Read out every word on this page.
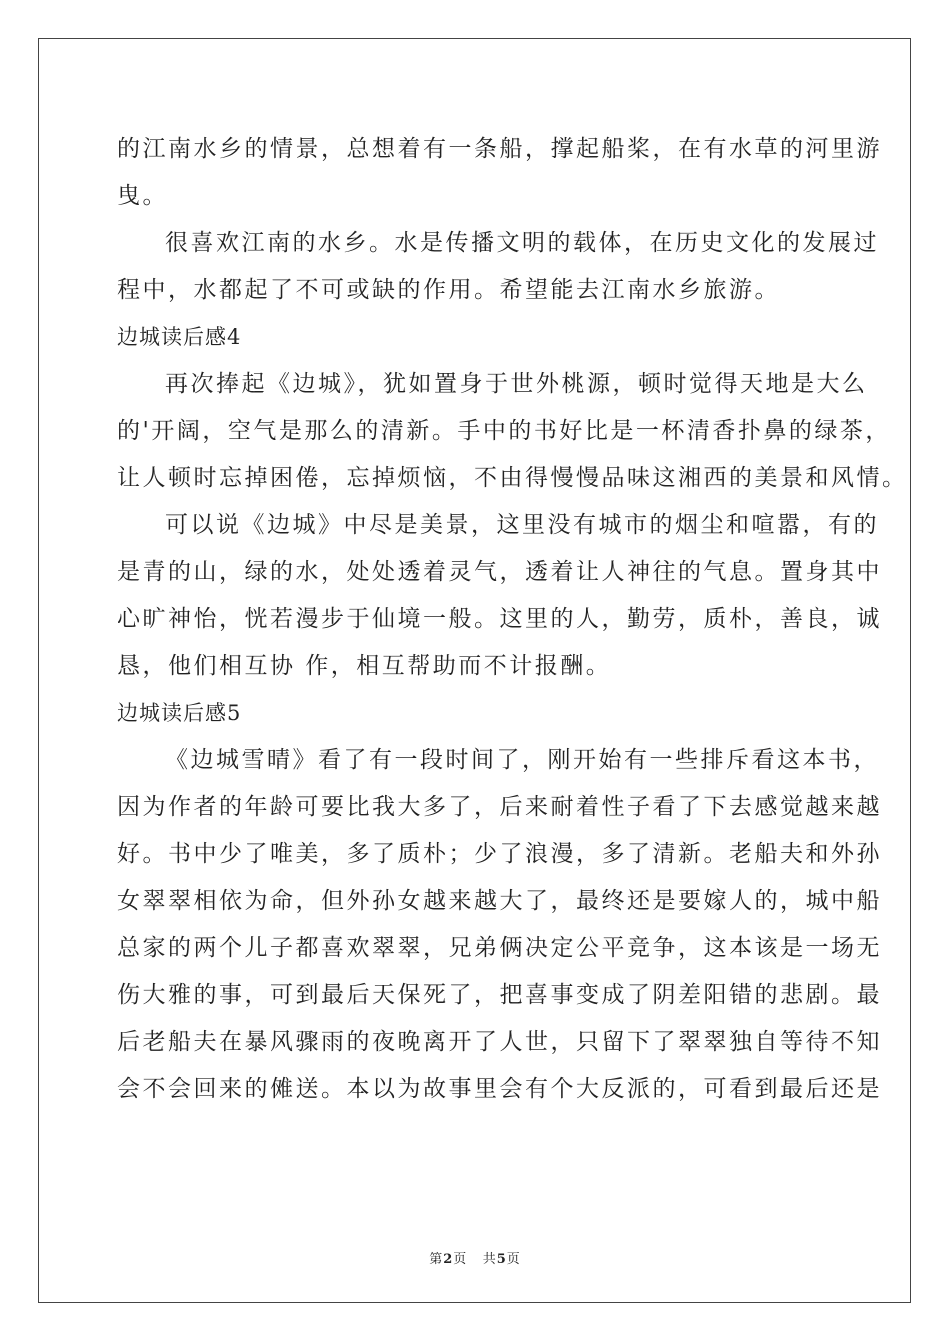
的江南水乡的情景，总想着有一条船，撑起船桨，在有水草的河里游
曳。
很喜欢江南的水乡。水是传播文明的载体，在历史文化的发展过
程中，水都起了不可或缺的作用。希望能去江南水乡旅游。
边城读后感4
再次捧起《边城》，犹如置身于世外桃源，顿时觉得天地是大么
的'开阔，空气是那么的清新。手中的书好比是一杯清香扑鼻的绿茶，
让人顿时忘掉困倦，忘掉烦恼，不由得慢慢品味这湘西的美景和风情。
可以说《边城》中尽是美景，这里没有城市的烟尘和喧嚣，有的
是青的山，绿的水，处处透着灵气，透着让人神往的气息。置身其中
心旷神怡，恍若漫步于仙境一般。这里的人，勤劳，质朴，善良，诚
恳，他们相互协 作，相互帮助而不计报酬。
边城读后感5
《边城雪晴》看了有一段时间了，刚开始有一些排斥看这本书，
因为作者的年龄可要比我大多了，后来耐着性子看了下去感觉越来越
好。书中少了唯美，多了质朴；少了浪漫，多了清新。老船夫和外孙
女翠翠相依为命，但外孙女越来越大了，最终还是要嫁人的，城中船
总家的两个儿子都喜欢翠翠，兄弟俩决定公平竞争，这本该是一场无
伤大雅的事，可到最后天保死了，把喜事变成了阴差阳错的悲剧。最
后老船夫在暴风骤雨的夜晚离开了人世，只留下了翠翠独自等待不知
会不会回来的傩送。本以为故事里会有个大反派的，可看到最后还是
第2页 共5页
